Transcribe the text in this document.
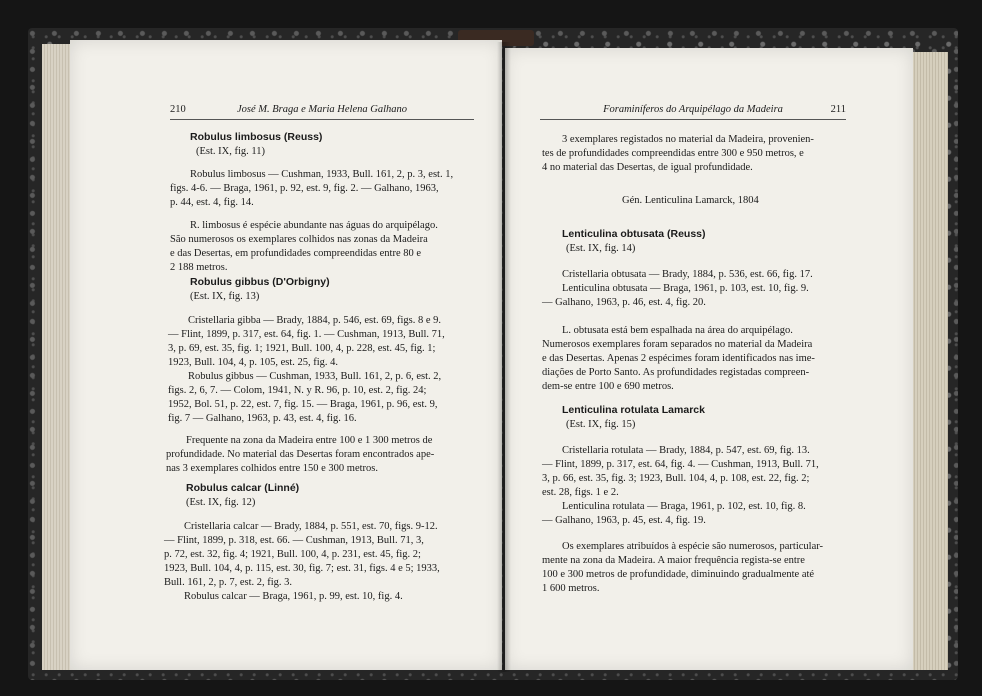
210	José M. Braga e Maria Helena Galhano	Foraminíferos do Arquipélago da Madeira	211
Robulus limbosus (Reuss)
(Est. IX, fig. 11)
Robulus limbosus — Cushman, 1933, Bull. 161, 2, p. 3, est. 1,
figs. 4-6. — Braga, 1961, p. 92, est. 9, fig. 2. — Galhano, 1963,
p. 44, est. 4, fig. 14.
R. limbosus é espécie abundante nas águas do arquipélago.
São numerosos os exemplares colhidos nas zonas da Madeira
e das Desertas, em profundidades compreendidas entre 80 e
2 188 metros.
Robulus gibbus (D'Orbigny)
(Est. IX, fig. 13)
Cristellaria gibba — Brady, 1884, p. 546, est. 69, figs. 8 e 9.
— Flint, 1899, p. 317, est. 64, fig. 1. — Cushman, 1913, Bull. 71,
3, p. 69, est. 35, fig. 1; 1921, Bull. 100, 4, p. 228, est. 45, fig. 1;
1923, Bull. 104, 4, p. 105, est. 25, fig. 4.
Robulus gibbus — Cushman, 1933, Bull. 161, 2, p. 6, est. 2,
figs. 2, 6, 7. — Colom, 1941, N. y R. 96, p. 10, est. 2, fig. 24;
1952, Bol. 51, p. 22, est. 7, fig. 15. — Braga, 1961, p. 96, est. 9,
fig. 7 — Galhano, 1963, p. 43, est. 4, fig. 16.
Frequente na zona da Madeira entre 100 e 1 300 metros de
profundidade. No material das Desertas foram encontrados ape-
nas 3 exemplares colhidos entre 150 e 300 metros.
Robulus calcar (Linné)
(Est. IX, fig. 12)
Cristellaria calcar — Brady, 1884, p. 551, est. 70, figs. 9-12.
— Flint, 1899, p. 318, est. 66. — Cushman, 1913, Bull. 71, 3,
p. 72, est. 32, fig. 4; 1921, Bull. 100, 4, p. 231, est. 45, fig. 2;
1923, Bull. 104, 4, p. 115, est. 30, fig. 7; est. 31, figs. 4 e 5; 1933,
Bull. 161, 2, p. 7, est. 2, fig. 3.
Robulus calcar — Braga, 1961, p. 99, est. 10, fig. 4.
3 exemplares registados no material da Madeira, provenien-
tes de profundidades compreendidas entre 300 e 950 metros, e
4 no material das Desertas, de igual profundidade.
Gén. Lenticulina Lamarck, 1804
Lenticulina obtusata (Reuss)
(Est. IX, fig. 14)
Cristellaria obtusata — Brady, 1884, p. 536, est. 66, fig. 17.
Lenticulina obtusata — Braga, 1961, p. 103, est. 10, fig. 9.
— Galhano, 1963, p. 46, est. 4, fig. 20.
L. obtusata está bem espalhada na área do arquipélago.
Numerosos exemplares foram separados no material da Madeira
e das Desertas. Apenas 2 espécimes foram identificados nas ime-
diações de Porto Santo. As profundidades registadas compreen-
dem-se entre 100 e 690 metros.
Lenticulina rotulata Lamarck
(Est. IX, fig. 15)
Cristellaria rotulata — Brady, 1884, p. 547, est. 69, fig. 13.
— Flint, 1899, p. 317, est. 64, fig. 4. — Cushman, 1913, Bull. 71,
3, p. 66, est. 35, fig. 3; 1923, Bull. 104, 4, p. 108, est. 22, fig. 2;
est. 28, figs. 1 e 2.
Lenticulina rotulata — Braga, 1961, p. 102, est. 10, fig. 8.
— Galhano, 1963, p. 45, est. 4, fig. 19.
Os exemplares atribuídos à espécie são numerosos, particular-
mente na zona da Madeira. A maior frequência regista-se entre
100 e 300 metros de profundidade, diminuindo gradualmente até
1 600 metros.
